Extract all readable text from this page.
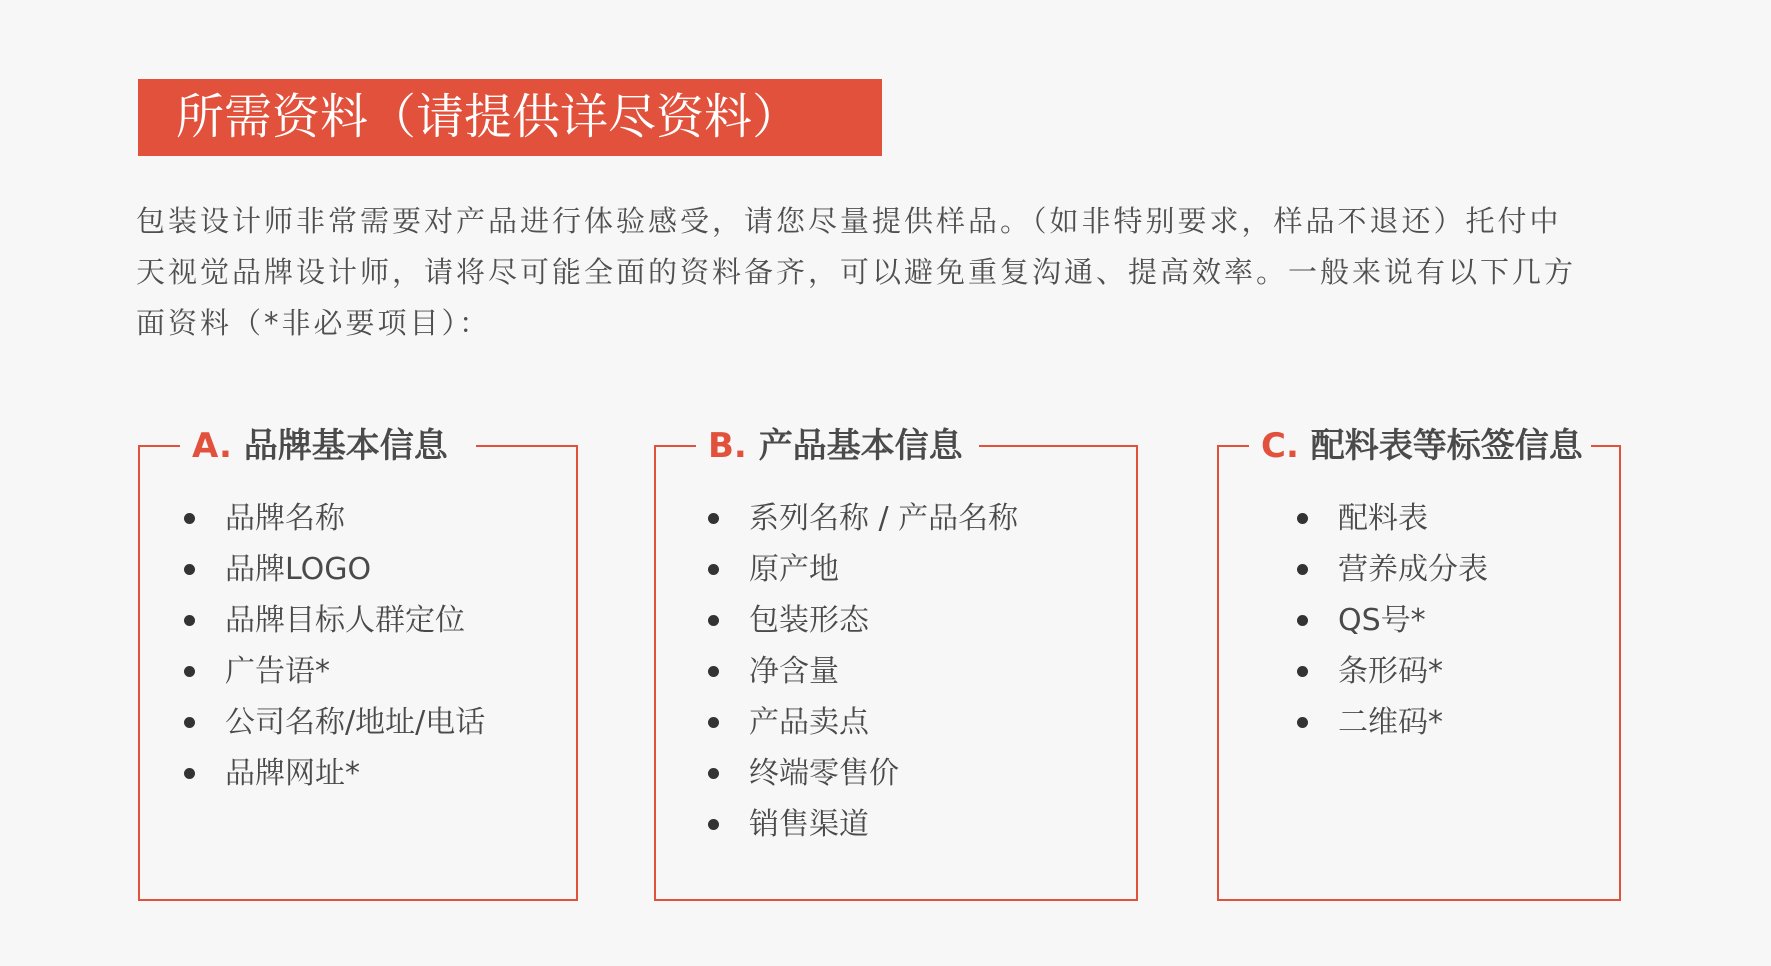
所需资料（请提供详尽资料）

包装设计师非常需要对产品进行体验感受，请您尽量提供样品。（如非特别要求，样品不退还）托付中

天视觉品牌设计师，请将尽可能全面的资料备齐，可以避免重复沟通、提高效率。一般来说有以下几方

面资料（*非必要项目）：

A. 品牌基本信息
品牌名称
品牌LOGO
品牌目标人群定位
广告语*
公司名称/地址/电话
品牌网址*
B. 产品基本信息
系列名称 / 产品名称
原产地
包装形态
净含量
产品卖点
终端零售价
销售渠道
C. 配料表等标签信息
配料表
营养成分表
QS号*
条形码*
二维码*
